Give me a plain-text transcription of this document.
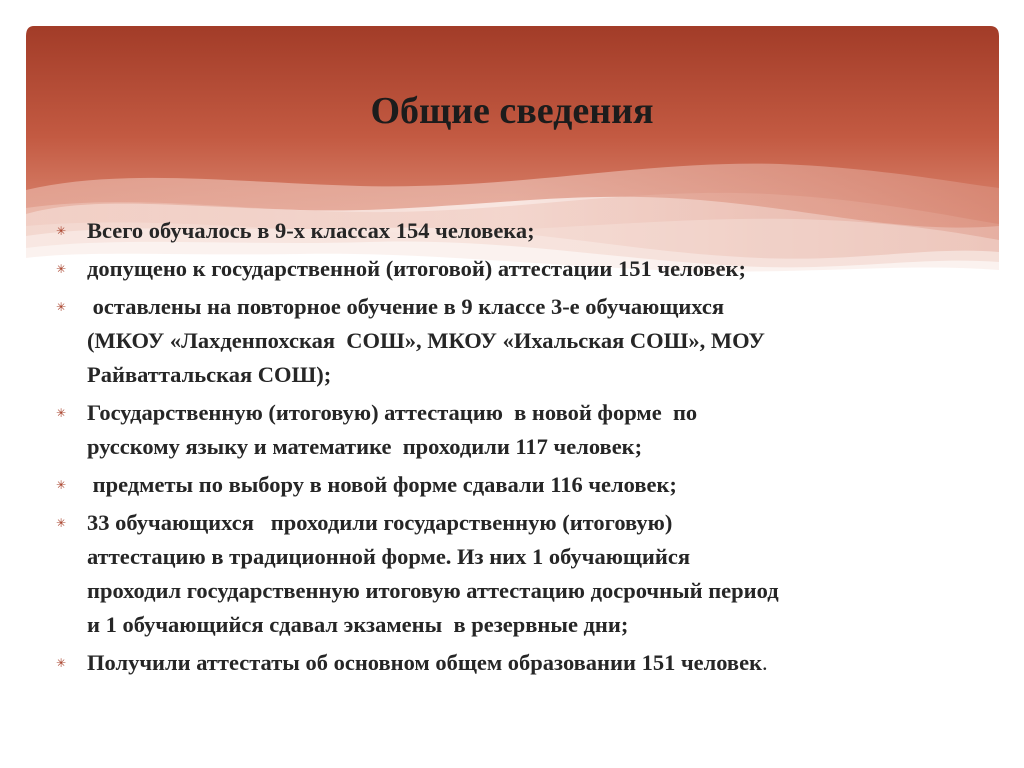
Общие сведения
✳ Всего обучалось в 9-х классах 154 человека;
✳ допущено к государственной (итоговой) аттестации 151 человек;
✳ оставлены на повторное обучение в 9 классе 3-е обучающихся
(МКОУ «Лахденпохская  СОШ», МКОУ «Ихальская СОШ», МОУ
Райваттальская СОШ);
✳ Государственную (итоговую) аттестацию  в новой форме  по
русскому языку и математике  проходили 117 человек;
✳ предметы по выбору в новой форме сдавали 116 человек;
✳ 33 обучающихся   проходили государственную (итоговую)
аттестацию в традиционной форме. Из них 1 обучающийся
проходил государственную итоговую аттестацию досрочный период
и 1 обучающийся сдавал экзамены  в резервные дни;
✳ Получили аттестаты об основном общем образовании 151 человек.
